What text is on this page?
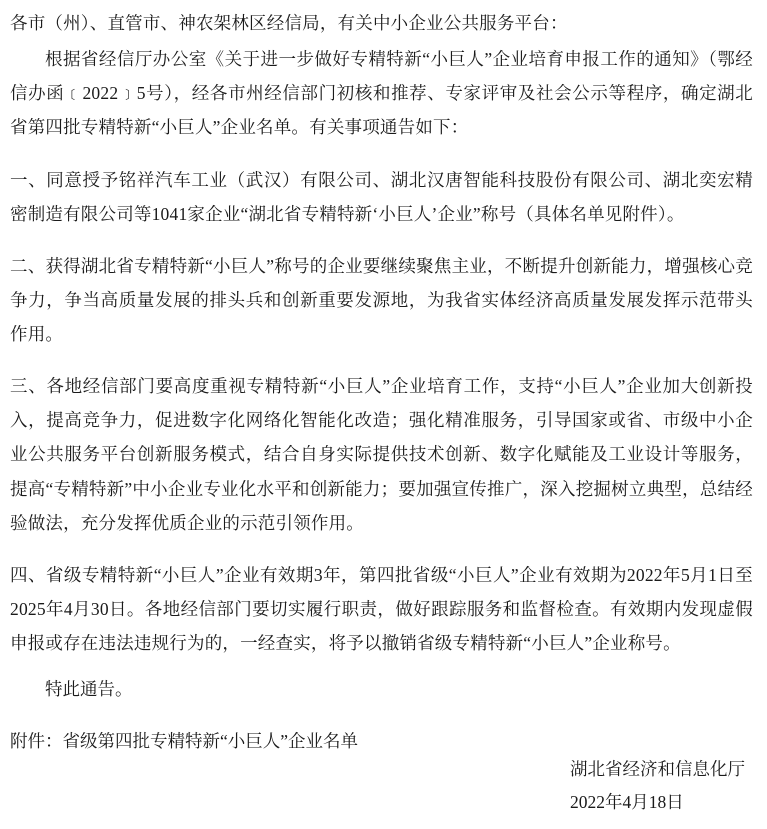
各市（州）、直管市、神农架林区经信局，有关中小企业公共服务平台：

根据省经信厅办公室《关于进一步做好专精特新“小巨人”企业培育申报工作的通知》（鄂经信办函﹝2022﹞5号），经各市州经信部门初核和推荐、专家评审及社会公示等程序，确定湖北省第四批专精特新“小巨人”企业名单。有关事项通告如下：

一、同意授予铭祥汽车工业（武汉）有限公司、湖北汉唐智能科技股份有限公司、湖北奕宏精密制造有限公司等1041家企业“湖北省专精特新‘小巨人’企业”称号（具体名单见附件）。

二、获得湖北省专精特新“小巨人”称号的企业要继续聚焦主业，不断提升创新能力，增强核心竞争力，争当高质量发展的排头兵和创新重要发源地，为我省实体经济高质量发展发挥示范带头作用。

三、各地经信部门要高度重视专精特新“小巨人”企业培育工作，支持“小巨人”企业加大创新投入，提高竞争力，促进数字化网络化智能化改造；强化精准服务，引导国家或省、市级中小企业公共服务平台创新服务模式，结合自身实际提供技术创新、数字化赋能及工业设计等服务，提高“专精特新”中小企业专业化水平和创新能力；要加强宣传推广，深入挖掘树立典型，总结经验做法，充分发挥优质企业的示范引领作用。

四、省级专精特新“小巨人”企业有效期3年，第四批省级“小巨人”企业有效期为2022年5月1日至2025年4月30日。各地经信部门要切实履行职责，做好跟踪服务和监督检查。有效期内发现虚假申报或存在违法违规行为的，一经查实，将予以撤销省级专精特新“小巨人”企业称号。

特此通告。

附件：省级第四批专精特新“小巨人”企业名单

湖北省经济和信息化厅
2022年4月18日
